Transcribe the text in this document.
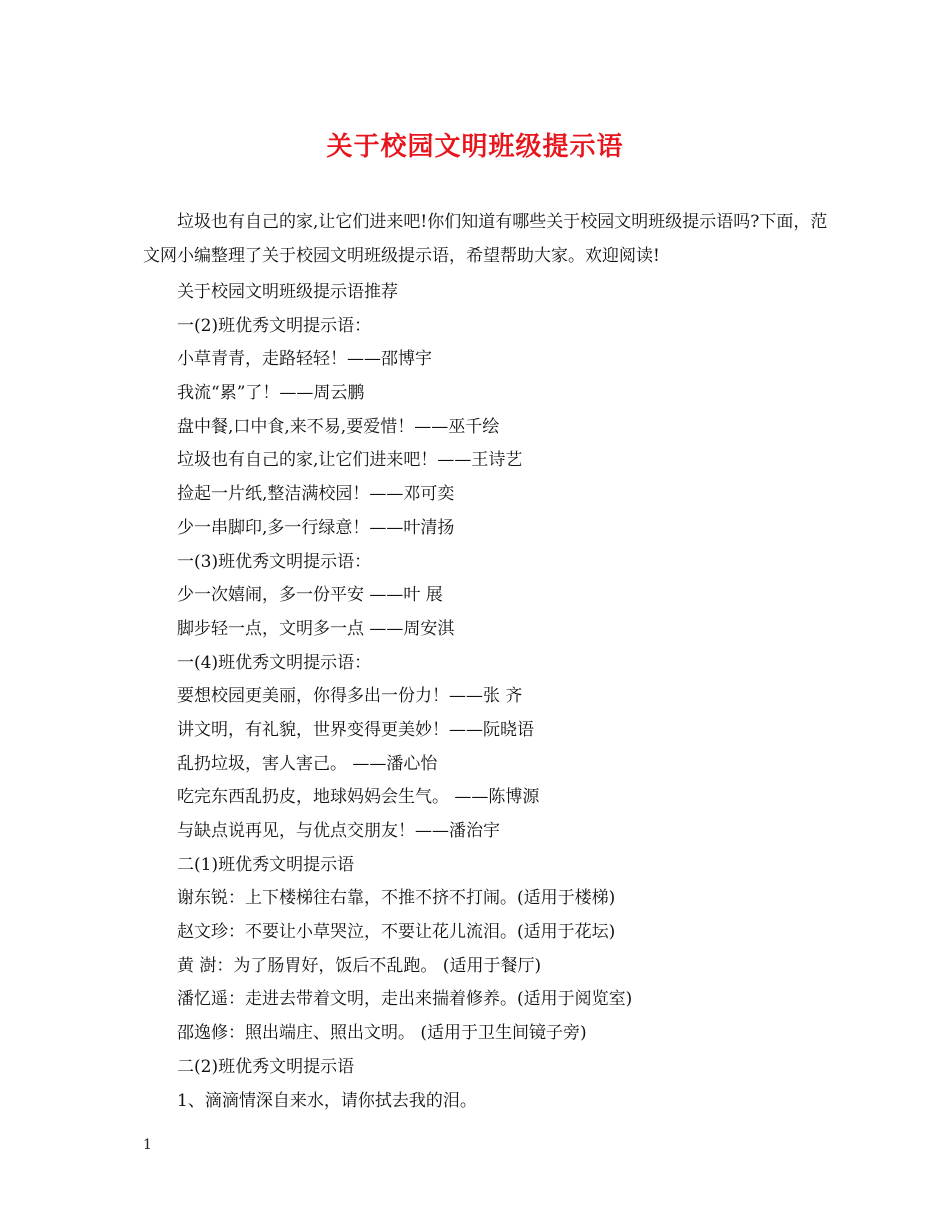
关于校园文明班级提示语

垃圾也有自己的家,让它们进来吧!你们知道有哪些关于校园文明班级提示语吗?下面，范文网小编整理了关于校园文明班级提示语，希望帮助大家。欢迎阅读!

关于校园文明班级提示语推荐
一(2)班优秀文明提示语：
小草青青，走路轻轻！——邵博宇
我流“累”了！——周云鹏
盘中餐,口中食,来不易,要爱惜！——巫千绘
垃圾也有自己的家,让它们进来吧！——王诗艺
捡起一片纸,整洁满校园！——邓可奕
少一串脚印,多一行绿意！——叶清扬
一(3)班优秀文明提示语：
少一次嬉闹，多一份平安 ——叶 展
脚步轻一点，文明多一点 ——周安淇
一(4)班优秀文明提示语：
要想校园更美丽，你得多出一份力！——张 齐
讲文明，有礼貌，世界变得更美妙！——阮晓语
乱扔垃圾，害人害己。 ——潘心怡
吃完东西乱扔皮，地球妈妈会生气。 ——陈博源
与缺点说再见，与优点交朋友！——潘治宇
二(1)班优秀文明提示语
谢东锐：上下楼梯往右靠，不推不挤不打闹。(适用于楼梯)
赵文珍：不要让小草哭泣，不要让花儿流泪。(适用于花坛)
黄 澍：为了肠胃好，饭后不乱跑。 (适用于餐厅)
潘忆遥：走进去带着文明，走出来揣着修养。(适用于阅览室)
邵逸修：照出端庄、照出文明。 (适用于卫生间镜子旁)
二(2)班优秀文明提示语
1、滴滴情深自来水，请你拭去我的泪。
1
